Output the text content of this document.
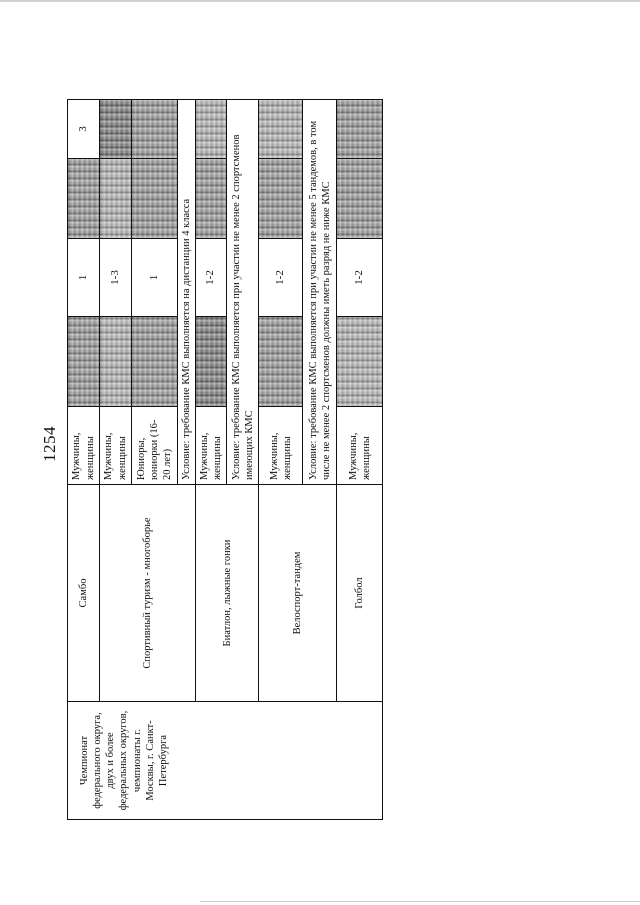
1254
Чемпионат федерального округа, двух и более федеральных округов, чемпионаты г. Москвы, г. Санкт-Петербурга	Самбо	Мужчины, женщины		1		3
	Спортивный туризм - многоборье	Мужчины, женщины		1-3		
		Юниоры, юниорки (16-20 лет)		1		
		Условие: требование КМС выполняется на дистанции 4 класса				
	Биатлон, лыжные гонки	Мужчины, женщины		1-2		
		Условие: требование КМС выполняется при участии не менее 2 спортсменов имеющих КМС				
	Велоспорт-тандем	Мужчины, женщины		1-2		
		Условие: требование КМС выполняется при участии не менее 5 тандемов, в том числе не менее 2 спортсменов должны иметь разряд не ниже КМС				
	Голбол	Мужчины, женщины		1-2		
